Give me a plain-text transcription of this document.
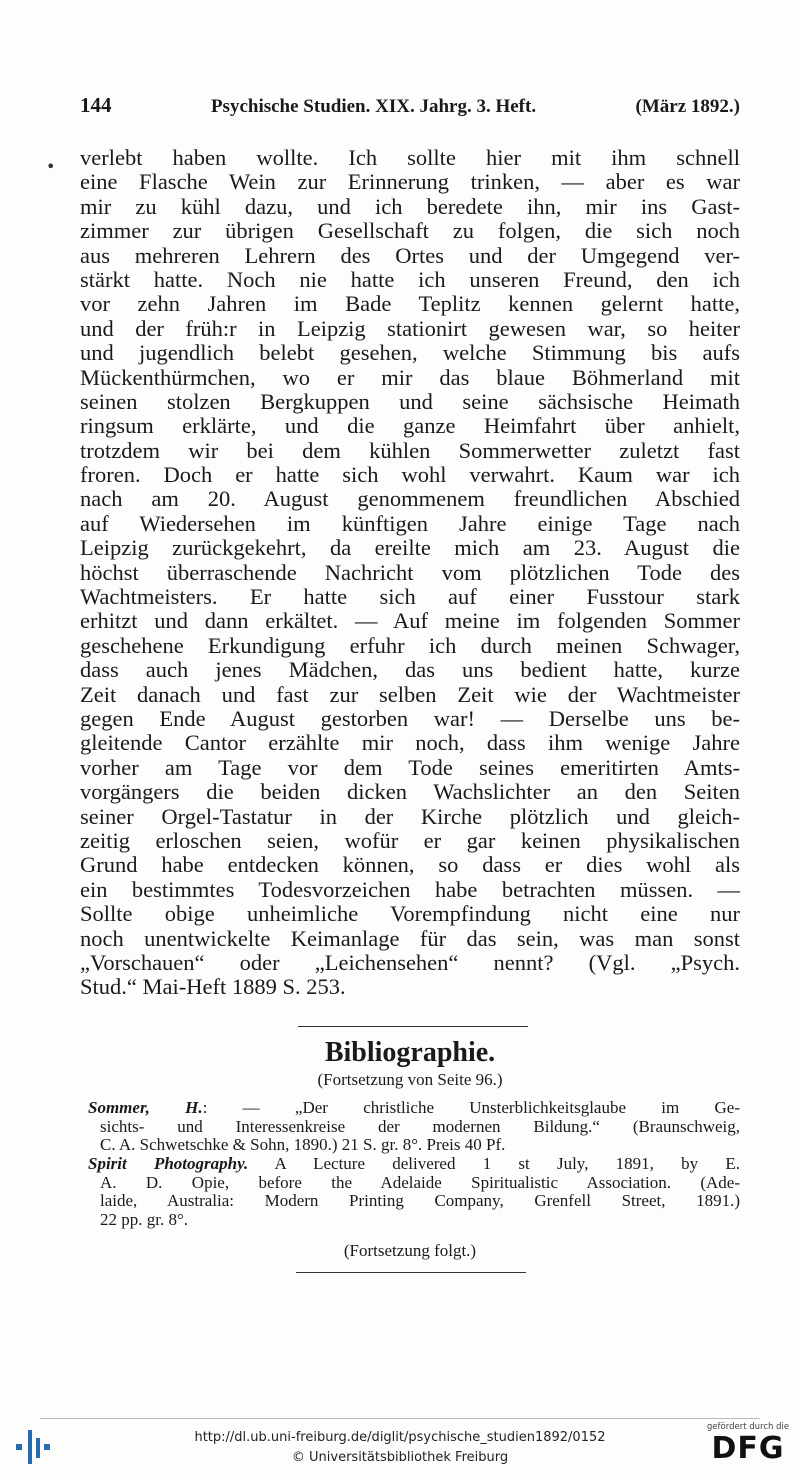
144	Psychische Studien. XIX. Jahrg. 3. Heft.	(März 1892.)
• verlebt haben wollte. Ich sollte hier mit ihm schnell
eine Flasche Wein zur Erinnerung trinken, — aber es war
mir zu kühl dazu, und ich beredete ihn, mir ins Gast-
zimmer zur übrigen Gesellschaft zu folgen, die sich noch
aus mehreren Lehrern des Ortes und der Umgegend ver-
stärkt hatte. Noch nie hatte ich unseren Freund, den ich
vor zehn Jahren im Bade Teplitz kennen gelernt hatte,
und der früh:r in Leipzig stationirt gewesen war, so heiter
und jugendlich belebt gesehen, welche Stimmung bis aufs
Mückenthürmchen, wo er mir das blaue Böhmerland mit
seinen stolzen Bergkuppen und seine sächsische Heimath
ringsum erklärte, und die ganze Heimfahrt über anhielt,
trotzdem wir bei dem kühlen Sommerwetter zuletzt fast
froren. Doch er hatte sich wohl verwahrt. Kaum war ich
nach am 20. August genommenem freundlichen Abschied
auf Wiedersehen im künftigen Jahre einige Tage nach
Leipzig zurückgekehrt, da ereilte mich am 23. August die
höchst überraschende Nachricht vom plötzlichen Tode des
Wachtmeisters. Er hatte sich auf einer Fusstour stark
erhitzt und dann erkältet. — Auf meine im folgenden Sommer
geschehene Erkundigung erfuhr ich durch meinen Schwager,
dass auch jenes Mädchen, das uns bedient hatte, kurze
Zeit danach und fast zur selben Zeit wie der Wachtmeister
gegen Ende August gestorben war! — Derselbe uns be-
gleitende Cantor erzählte mir noch, dass ihm wenige Jahre
vorher am Tage vor dem Tode seines emeritirten Amts-
vorgängers die beiden dicken Wachslichter an den Seiten
seiner Orgel-Tastatur in der Kirche plötzlich und gleich-
zeitig erloschen seien, wofür er gar keinen physikalischen
Grund habe entdecken können, so dass er dies wohl als
ein bestimmtes Todesvorzeichen habe betrachten müssen. —
Sollte obige unheimliche Vorempfindung nicht eine nur
noch unentwickelte Keimanlage für das sein, was man sonst
„Vorschauen“ oder „Leichensehen“ nennt? (Vgl. „Psych.
Stud.“ Mai-Heft 1889 S. 253.
Bibliographie.
(Fortsetzung von Seite 96.)
Sommer, H.: — „Der christliche Unsterblichkeitsglaube im Ge-
sichts- und Interessenkreise der modernen Bildung.“ (Braunschweig,
C. A. Schwetschke & Sohn, 1890.) 21 S. gr. 8°. Preis 40 Pf.
Spirit Photography. A Lecture delivered 1 st July, 1891, by E.
A. D. Opie, before the Adelaide Spiritualistic Association. (Ade-
laide, Australia: Modern Printing Company, Grenfell Street, 1891.)
22 pp. gr. 8°.
(Fortsetzung folgt.)
http://dl.ub.uni-freiburg.de/diglit/psychische_studien1892/0152
© Universitätsbibliothek Freiburg
gefördert durch die
DFG
